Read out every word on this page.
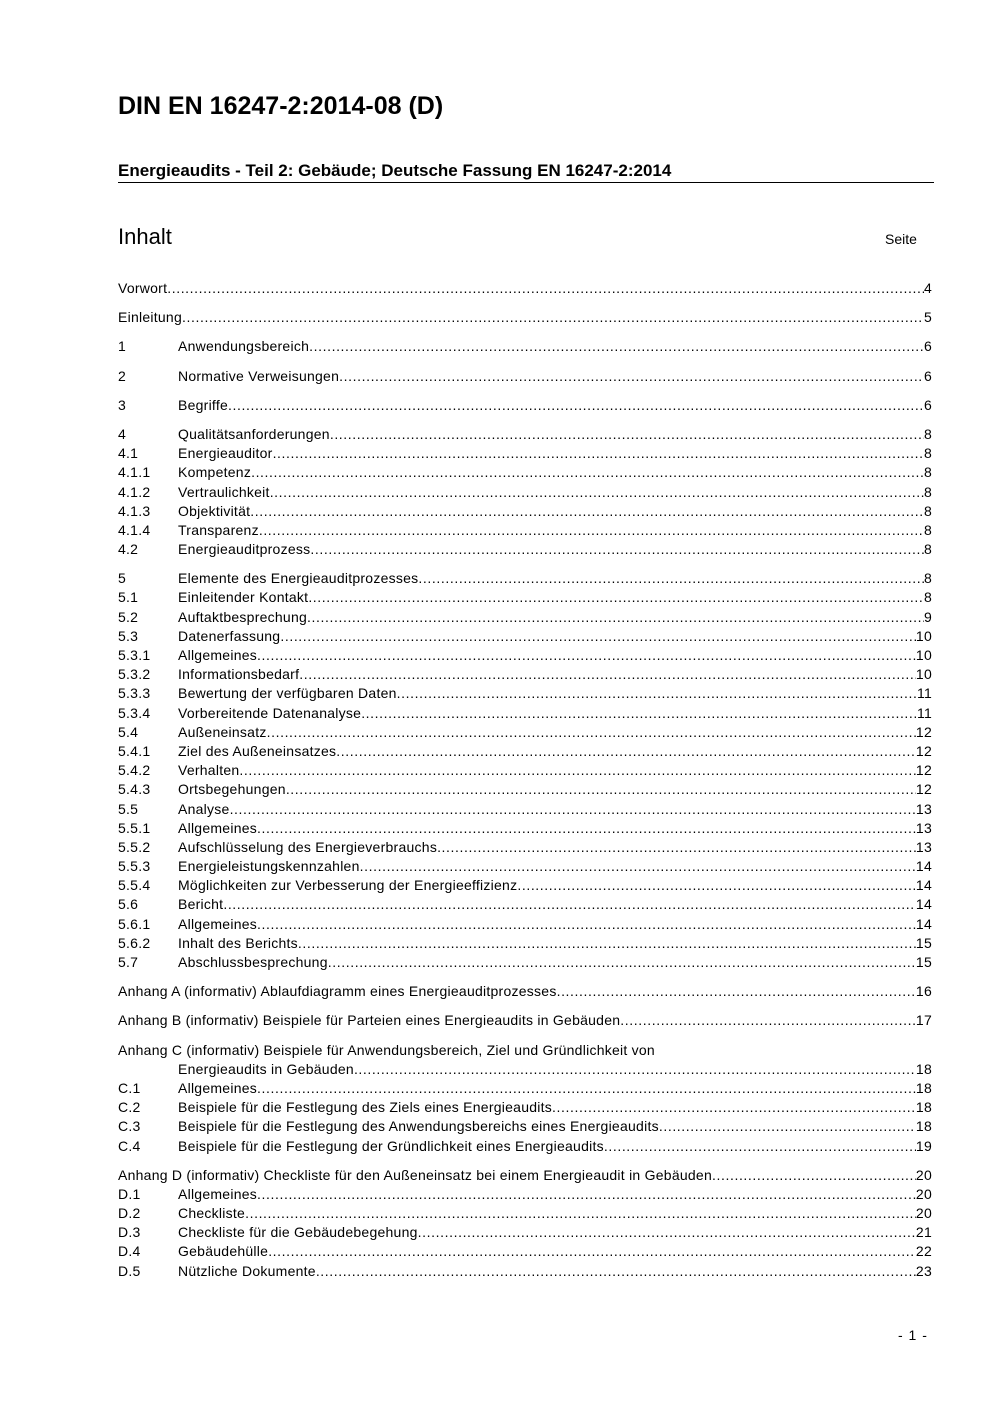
DIN EN 16247-2:2014-08 (D)
Energieaudits - Teil 2: Gebäude; Deutsche Fassung EN 16247-2:2014
Inhalt	Seite
Vorwort .....	4
Einleitung .....	5
1	Anwendungsbereich .....	6
2	Normative Verweisungen .....	6
3	Begriffe .....	6
4	Qualitätsanforderungen .....	8
4.1	Energieauditor .....	8
4.1.1	Kompetenz .....	8
4.1.2	Vertraulichkeit .....	8
4.1.3	Objektivität .....	8
4.1.4	Transparenz .....	8
4.2	Energieauditprozess .....	8
5	Elemente des Energieauditprozesses .....	8
5.1	Einleitender Kontakt .....	8
5.2	Auftaktbesprechung .....	9
5.3	Datenerfassung .....	10
5.3.1	Allgemeines .....	10
5.3.2	Informationsbedarf .....	10
5.3.3	Bewertung der verfügbaren Daten .....	11
5.3.4	Vorbereitende Datenanalyse .....	11
5.4	Außeneinsatz .....	12
5.4.1	Ziel des Außeneinsatzes .....	12
5.4.2	Verhalten .....	12
5.4.3	Ortsbegehungen .....	12
5.5	Analyse .....	13
5.5.1	Allgemeines .....	13
5.5.2	Aufschlüsselung des Energieverbrauchs .....	13
5.5.3	Energieleistungskennzahlen .....	14
5.5.4	Möglichkeiten zur Verbesserung der Energieeffizienz .....	14
5.6	Bericht .....	14
5.6.1	Allgemeines .....	14
5.6.2	Inhalt des Berichts .....	15
5.7	Abschlussbesprechung .....	15
Anhang A (informativ) Ablaufdiagramm eines Energieauditprozesses .....	16
Anhang B (informativ) Beispiele für Parteien eines Energieaudits in Gebäuden .....	17
Anhang C (informativ) Beispiele für Anwendungsbereich, Ziel und Gründlichkeit von
Energieaudits in Gebäuden .....	18
C.1	Allgemeines .....	18
C.2	Beispiele für die Festlegung des Ziels eines Energieaudits .....	18
C.3	Beispiele für die Festlegung des Anwendungsbereichs eines Energieaudits .....	18
C.4	Beispiele für die Festlegung der Gründlichkeit eines Energieaudits .....	19
Anhang D (informativ) Checkliste für den Außeneinsatz bei einem Energieaudit in Gebäuden .....	20
D.1	Allgemeines .....	20
D.2	Checkliste .....	20
D.3	Checkliste für die Gebäudebegehung .....	21
D.4	Gebäudehülle .....	22
D.5	Nützliche Dokumente .....	23
- 1 -
